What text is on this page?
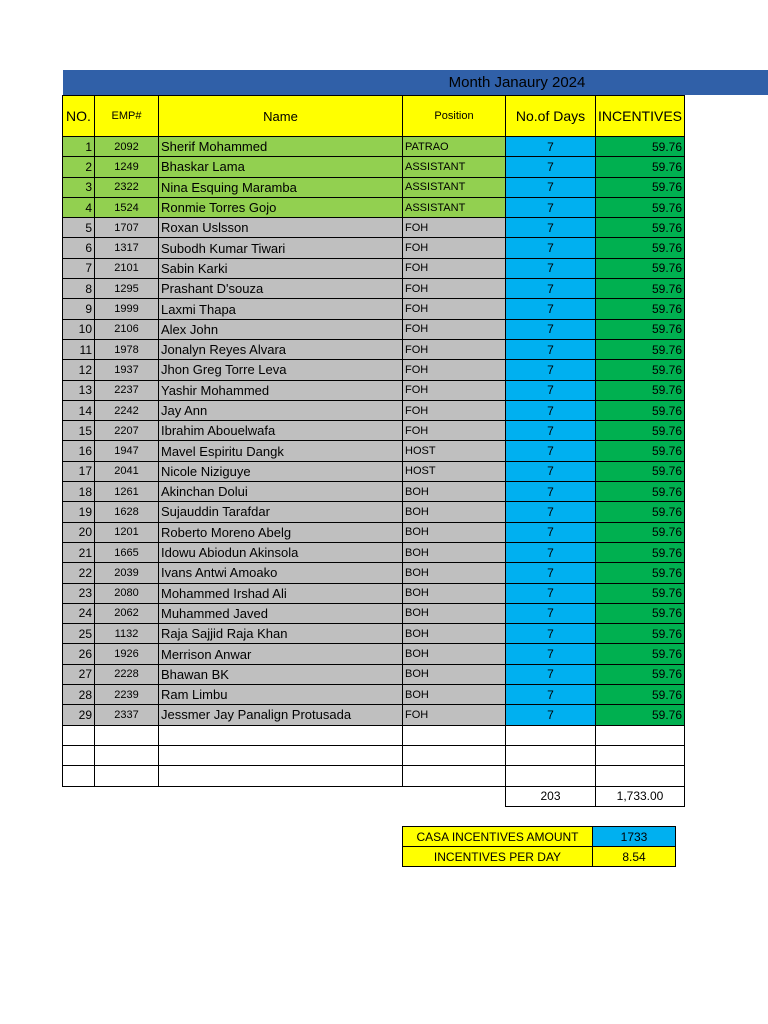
Month Janaury 2024
NO.	EMP#	Name	Position	No.of Days	INCENTIVES
1	2092	Sherif Mohammed	PATRAO	7	59.76
2	1249	Bhaskar Lama	ASSISTANT	7	59.76
3	2322	Nina Esquing Maramba	ASSISTANT	7	59.76
4	1524	Ronmie Torres Gojo	ASSISTANT	7	59.76
5	1707	Roxan Uslsson	FOH	7	59.76
6	1317	Subodh Kumar Tiwari	FOH	7	59.76
7	2101	Sabin Karki	FOH	7	59.76
8	1295	Prashant D'souza	FOH	7	59.76
9	1999	Laxmi Thapa	FOH	7	59.76
10	2106	Alex John	FOH	7	59.76
11	1978	Jonalyn Reyes Alvara	FOH	7	59.76
12	1937	Jhon Greg Torre Leva	FOH	7	59.76
13	2237	Yashir Mohammed	FOH	7	59.76
14	2242	Jay Ann	FOH	7	59.76
15	2207	Ibrahim Abouelwafa	FOH	7	59.76
16	1947	Mavel Espiritu Dangk	HOST	7	59.76
17	2041	Nicole Niziguye	HOST	7	59.76
18	1261	Akinchan Dolui	BOH	7	59.76
19	1628	Sujauddin Tarafdar	BOH	7	59.76
20	1201	Roberto Moreno Abelg	BOH	7	59.76
21	1665	Idowu Abiodun Akinsola	BOH	7	59.76
22	2039	Ivans Antwi Amoako	BOH	7	59.76
23	2080	Mohammed Irshad Ali	BOH	7	59.76
24	2062	Muhammed Javed	BOH	7	59.76
25	1132	Raja Sajjid Raja Khan	BOH	7	59.76
26	1926	Merrison Anwar	BOH	7	59.76
27	2228	Bhawan BK	BOH	7	59.76
28	2239	Ram Limbu	BOH	7	59.76
29	2337	Jessmer Jay Panalign Protusada	FOH	7	59.76

				203	1,733.00
CASA INCENTIVES AMOUNT	1733
INCENTIVES PER DAY	8.54
